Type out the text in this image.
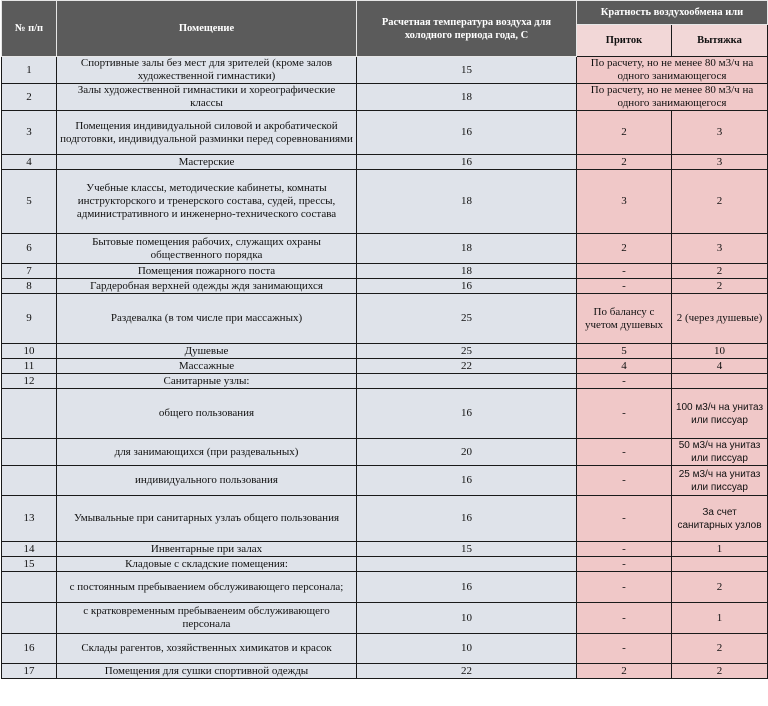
№ п/п	Помещение	Расчетная температура воздуха для холодного периода года, С	Кратность воздухообмена или	
			Приток	Вытяжка
1	Спортивные залы без мест для зрителей (кроме залов художественной гимнастики)	15	По расчету, но не менее 80 м3/ч на одного занимающегося	
2	Залы художественной гимнастики и хореографические классы	18	По расчету, но не менее 80 м3/ч на одного занимающегося	
3	Помещения индивидуальной силовой и акробатической подготовки, индивидуальной разминки перед соревнованиями	16	2	3
4	Мастерские	16	2	3
5	Учебные классы, методические кабинеты, комнаты инструкторского и тренерского состава, судей, прессы, административного и инженерно-технического состава	18	3	2
6	Бытовые помещения рабочих, служащих охраны общественного порядка	18	2	3
7	Помещения пожарного поста	18	-	2
8	Гардеробная верхней одежды ждя занимающихся	16	-	2
9	Раздевалка (в том числе при массажных)	25	По балансу с учетом душевых	2 (через душевые)
10	Душевые	25	5	10
11	Массажные	22	4	4
12	Санитарные узлы:		-	
	общего пользования	16	-	100 м3/ч на унитаз или писсуар
	для занимающихся (при раздевальных)	20	-	50 м3/ч на унитаз или писсуар
	индивидуального пользования	16	-	25 м3/ч на унитаз или писсуар
13	Умывальные при санитарных узлаъ общего пользования	16	-	За счет санитарных узлов
14	Инвентарные при залах	15	-	1
15	Кладовые с складские помещения:		-	
	с постоянным пребываением обслуживающего персонала;	16	-	2
	с кратковременным пребываенеим обслуживающего персонала	10	-	1
16	Склады рагентов, хозяйственных химикатов и красок	10	-	2
17	Помещения для сушки спортивной одежды	22	2	2
